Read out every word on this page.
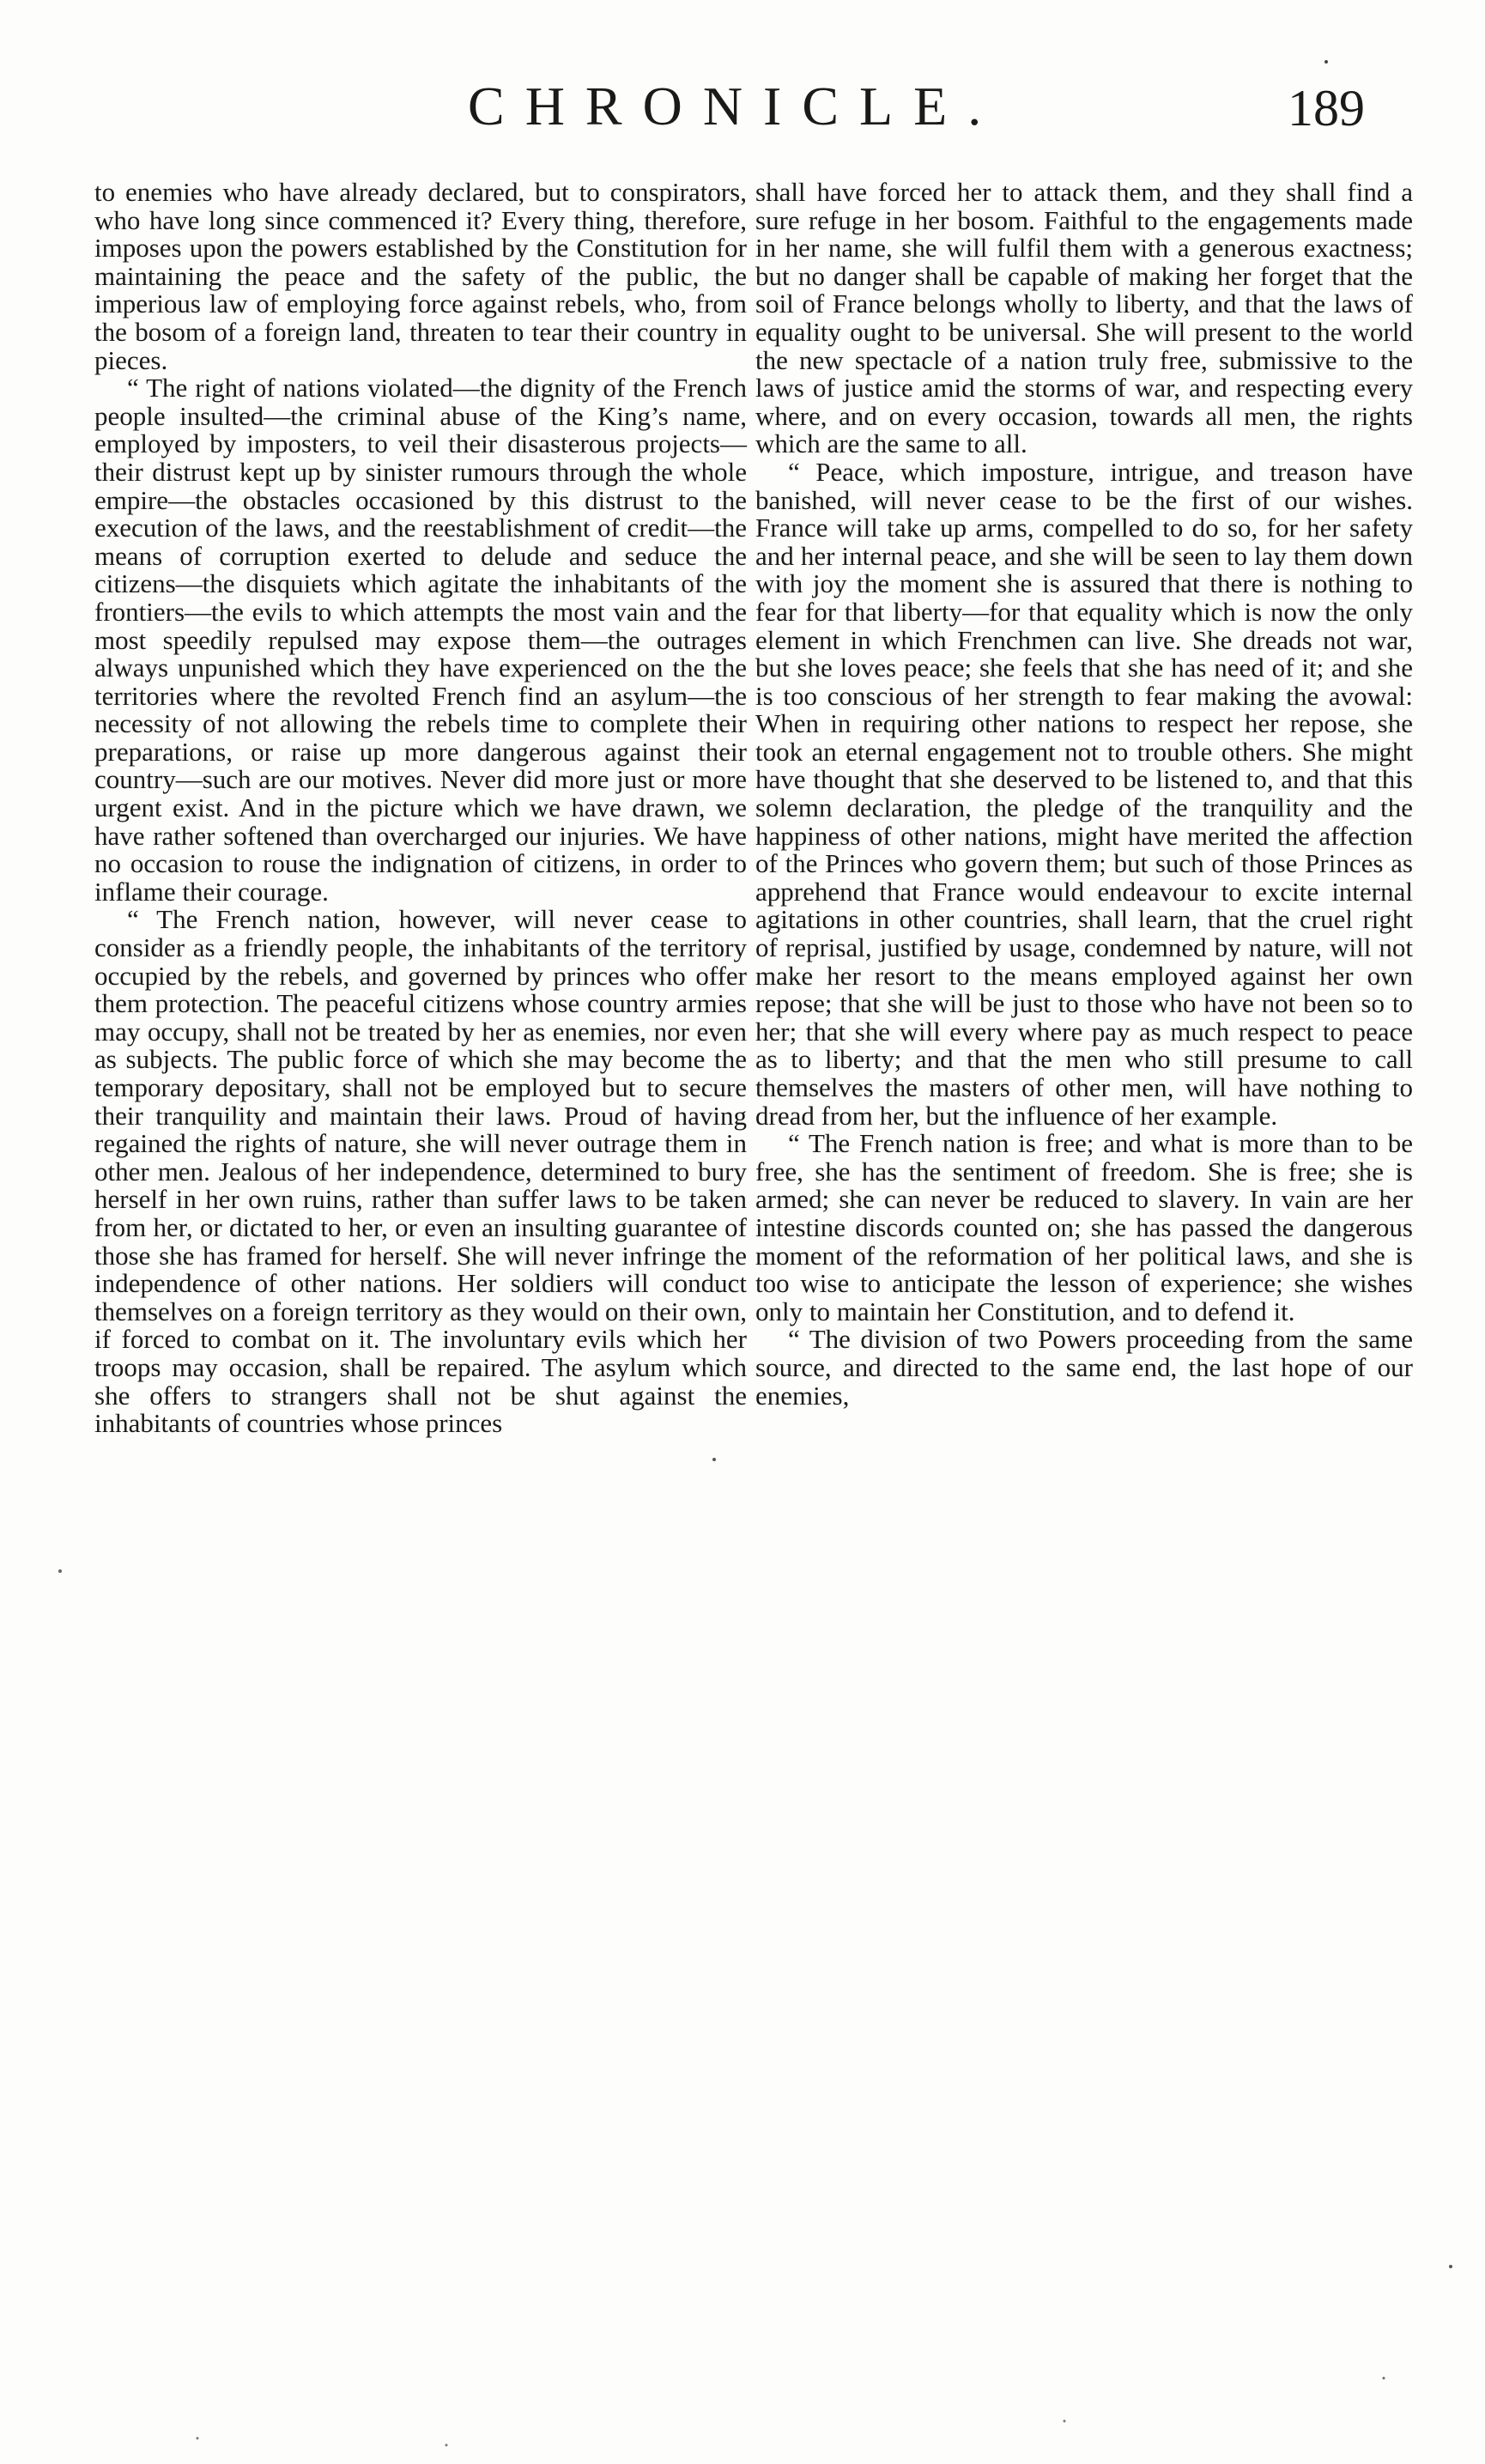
CHRONICLE.	189

to enemies who have already declared, but to conspirators, who have long since commenced it? Every thing, therefore, imposes upon the powers established by the Constitution for maintaining the peace and the safety of the public, the imperious law of employing force against rebels, who, from the bosom of a foreign land, threaten to tear their country in pieces.

“ The right of nations violated—the dignity of the French people insulted—the criminal abuse of the King’s name, employed by imposters, to veil their disasterous projects—their distrust kept up by sinister rumours through the whole empire—the obstacles occasioned by this distrust to the execution of the laws, and the reestablishment of credit—the means of corruption exerted to delude and seduce the citizens—the disquiets which agitate the inhabitants of the frontiers—the evils to which attempts the most vain and the most speedily repulsed may expose them—the outrages always unpunished which they have experienced on the the territories where the revolted French find an asylum—the necessity of not allowing the rebels time to complete their preparations, or raise up more dangerous against their country—such are our motives. Never did more just or more urgent exist. And in the picture which we have drawn, we have rather softened than overcharged our injuries. We have no occasion to rouse the indignation of citizens, in order to inflame their courage.

“ The French nation, however, will never cease to consider as a friendly people, the inhabitants of the territory occupied by the rebels, and governed by princes who offer them protection. The peaceful citizens whose country armies may occupy, shall not be treated by her as enemies, nor even as subjects. The public force of which she may become the temporary depositary, shall not be employed but to secure their tranquility and maintain their laws. Proud of having regained the rights of nature, she will never outrage them in other men. Jealous of her independence, determined to bury herself in her own ruins, rather than suffer laws to be taken from her, or dictated to her, or even an insulting guarantee of those she has framed for herself. She will never infringe the independence of other nations. Her soldiers will conduct themselves on a foreign territory as they would on their own, if forced to combat on it. The involuntary evils which her troops may occasion, shall be repaired. The asylum which she offers to strangers shall not be shut against the inhabitants of countries whose princes

shall have forced her to attack them, and they shall find a sure refuge in her bosom. Faithful to the engagements made in her name, she will fulfil them with a generous exactness; but no danger shall be capable of making her forget that the soil of France belongs wholly to liberty, and that the laws of equality ought to be universal. She will present to the world the new spectacle of a nation truly free, submissive to the laws of justice amid the storms of war, and respecting every where, and on every occasion, towards all men, the rights which are the same to all.

“ Peace, which imposture, intrigue, and treason have banished, will never cease to be the first of our wishes. France will take up arms, compelled to do so, for her safety and her internal peace, and she will be seen to lay them down with joy the moment she is assured that there is nothing to fear for that liberty—for that equality which is now the only element in which Frenchmen can live. She dreads not war, but she loves peace; she feels that she has need of it; and she is too conscious of her strength to fear making the avowal: When in requiring other nations to respect her repose, she took an eternal engagement not to trouble others. She might have thought that she deserved to be listened to, and that this solemn declaration, the pledge of the tranquility and the happiness of other nations, might have merited the affection of the Princes who govern them; but such of those Princes as apprehend that France would endeavour to excite internal agitations in other countries, shall learn, that the cruel right of reprisal, justified by usage, condemned by nature, will not make her resort to the means employed against her own repose; that she will be just to those who have not been so to her; that she will every where pay as much respect to peace as to liberty; and that the men who still presume to call themselves the masters of other men, will have nothing to dread from her, but the influence of her example.

“ The French nation is free; and what is more than to be free, she has the sentiment of freedom. She is free; she is armed; she can never be reduced to slavery. In vain are her intestine discords counted on; she has passed the dangerous moment of the reformation of her political laws, and she is too wise to anticipate the lesson of experience; she wishes only to maintain her Constitution, and to defend it.

“ The division of two Powers proceeding from the same source, and directed to the same end, the last hope of our enemies,
